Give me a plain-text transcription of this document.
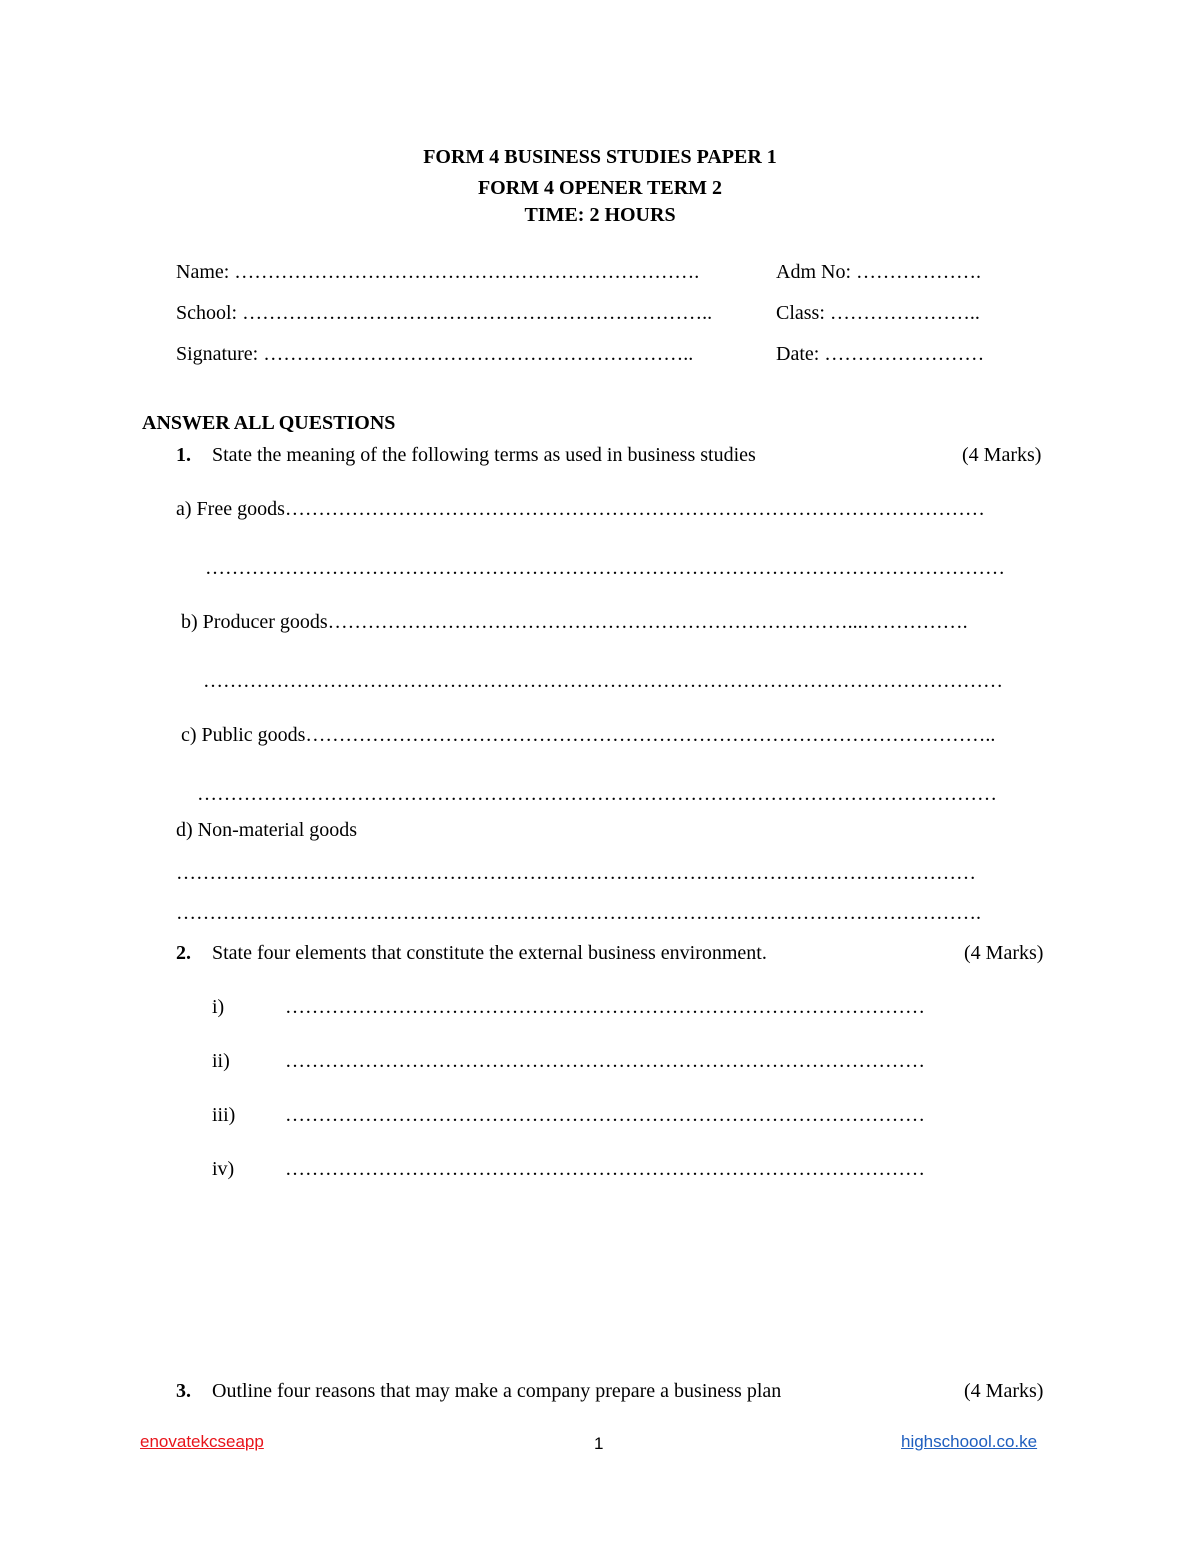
FORM 4 BUSINESS STUDIES PAPER 1
FORM 4 OPENER TERM 2
TIME: 2 HOURS
Name: …………………………………………………………….	Adm No: ……………….
School: ……………………………………………………………..	Class: …………………..
Signature: ………………………………………………………..	Date: ……………………
ANSWER ALL QUESTIONS
1. State the meaning of the following terms as used in business studies	(4 Marks)
a) Free goods……………………………………………………………………………………………
…………………………………………………………………………………………………………
b) Producer goods……………………………………………………………………...…………….
…………………………………………………………………………………………………………
c) Public goods…………………………………………………………………………………………..
…………………………………………………………………………………………………………
d) Non-material goods
…………………………………………………………………………………………………………
………………………………………………………………………………………………………….
2. State four elements that constitute the external business environment.	(4 Marks)
i)	……………………………………………………………………………………
ii)	……………………………………………………………………………………
iii) ……………………………………………………………………………………
iv)	……………………………………………………………………………………
3. Outline four reasons that may make a company prepare a business plan	(4 Marks)
enovatekcseapp	1	highschoool.co.ke
